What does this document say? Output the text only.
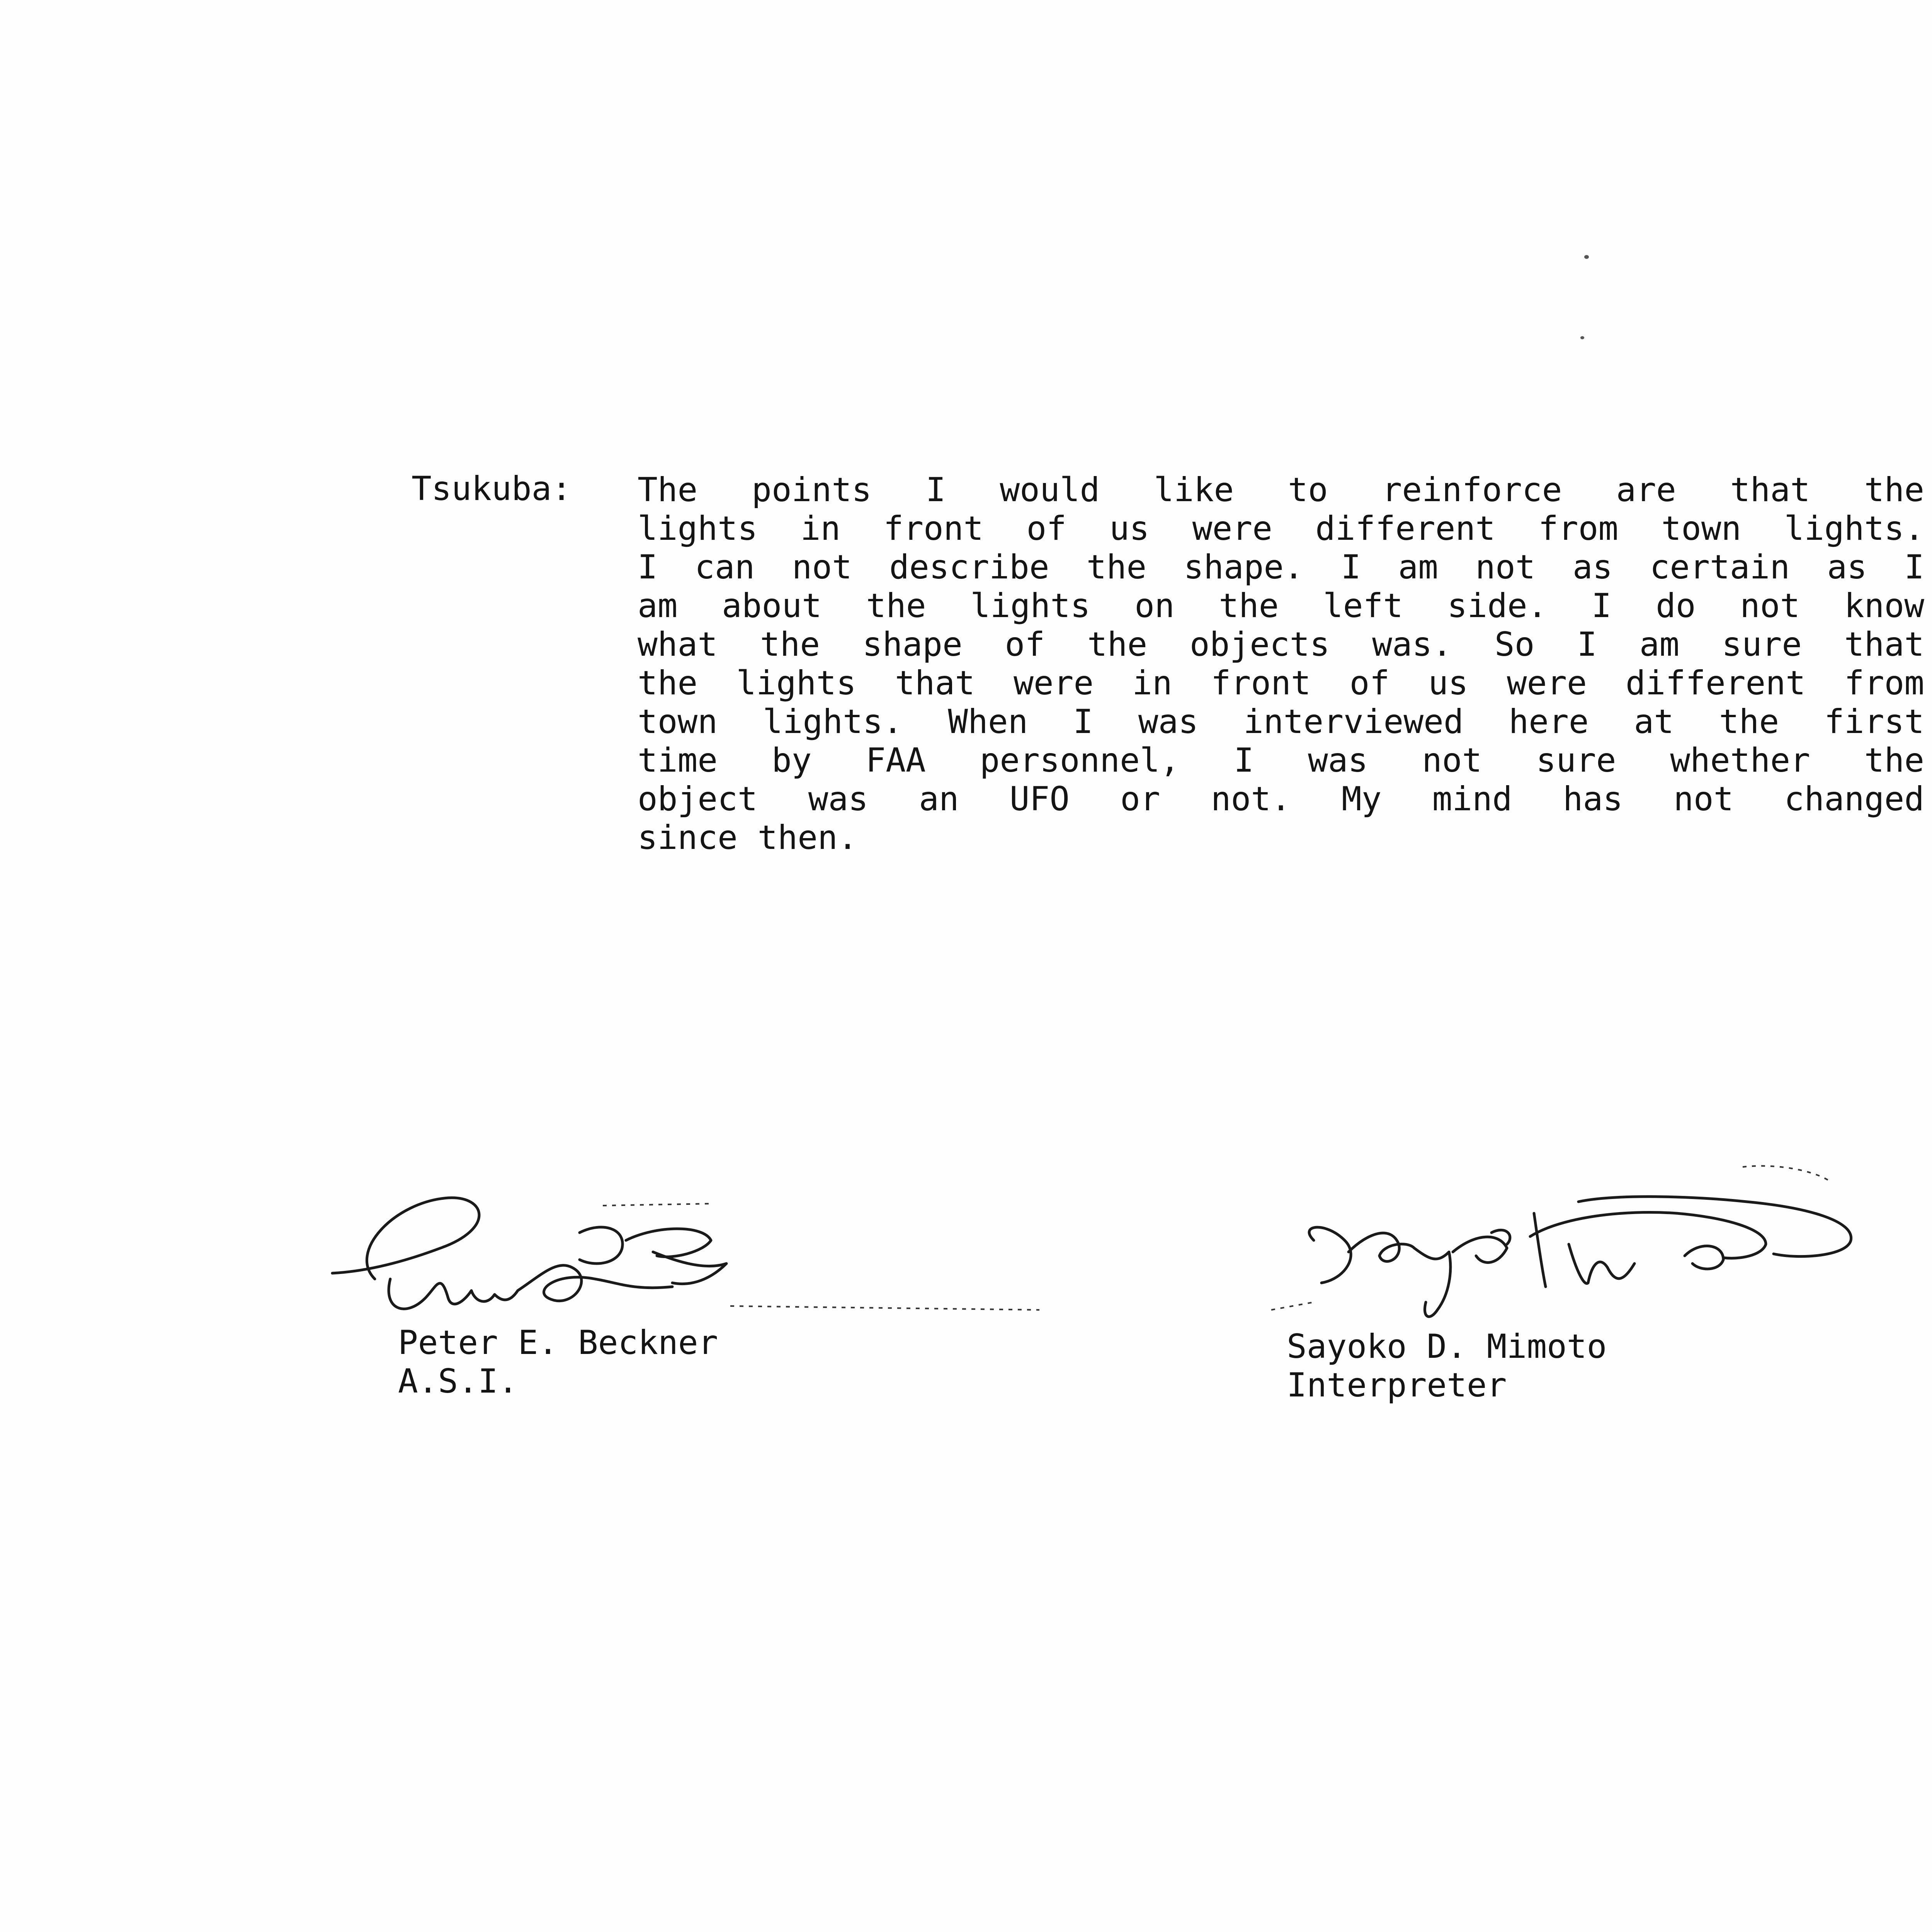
Tsukuba: The points I would like to reinforce are that the
lights in front of us were different from town lights.
I can not describe the shape. I am not as certain as I
am about the lights on the left side. I do not know
what the shape of the objects was. So I am sure that
the lights that were in front of us were different from
town lights. When I was interviewed here at the first
time by FAA personnel, I was not sure whether the
object was an UFO or not. My mind has not changed
since then.
Peter E. Beckner
A.S.I.
Sayoko D. Mimoto
Interpreter
